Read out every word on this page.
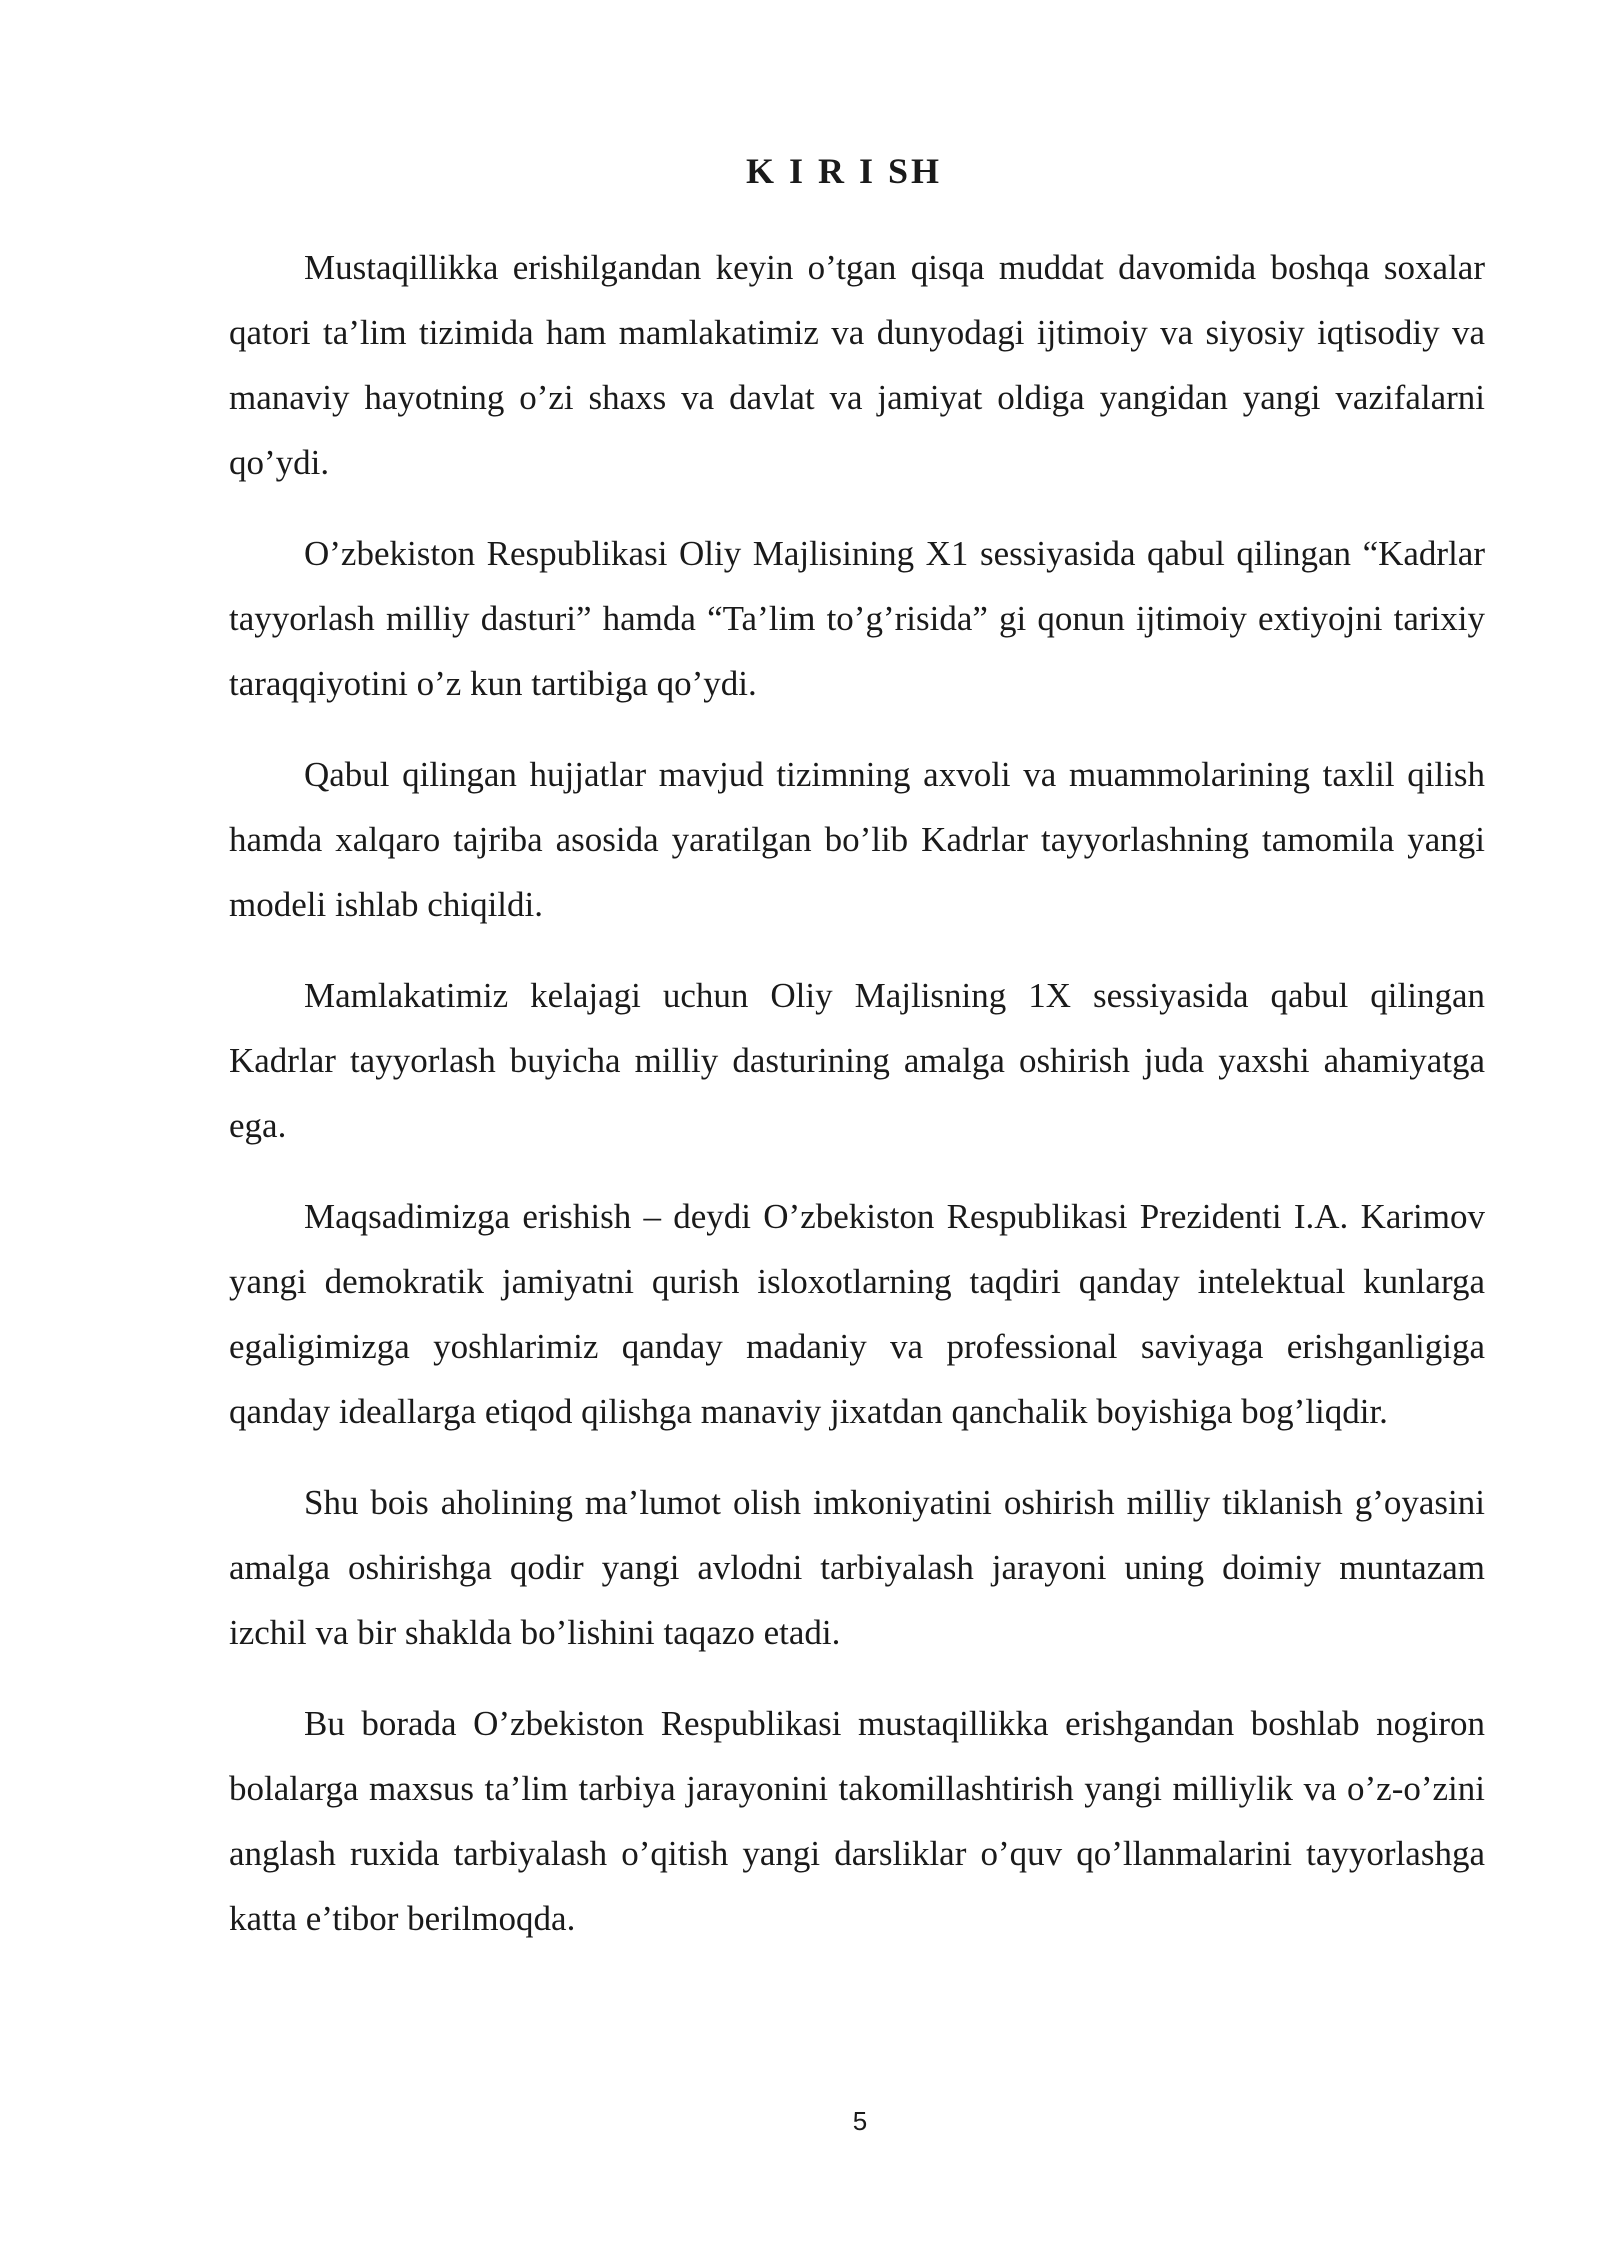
K I R I SH

Mustaqillikka erishilgandan keyin o’tgan qisqa muddat davomida boshqa soxalar qatori ta’lim tizimida ham mamlakatimiz va dunyodagi ijtimoiy va siyosiy iqtisodiy va manaviy hayotning o’zi shaxs va davlat va jamiyat oldiga yangidan yangi vazifalarni qo’ydi.

O’zbekiston Respublikasi Oliy Majlisining X1 sessiyasida qabul qilingan “Kadrlar tayyorlash milliy dasturi” hamda “Ta’lim to’g’risida” gi qonun ijtimoiy extiyojni tarixiy taraqqiyotini o’z kun tartibiga qo’ydi.

Qabul qilingan hujjatlar mavjud tizimning axvoli va muammolarining taxlil qilish hamda xalqaro tajriba asosida yaratilgan bo’lib Kadrlar tayyorlashning tamomila yangi modeli ishlab chiqildi.

Mamlakatimiz kelajagi uchun Oliy Majlisning 1X sessiyasida qabul qilingan Kadrlar tayyorlash buyicha milliy dasturining amalga oshirish juda yaxshi ahamiyatga ega.

Maqsadimizga erishish – deydi O’zbekiston Respublikasi Prezidenti I.A. Karimov yangi demokratik jamiyatni qurish isloxotlarning taqdiri qanday intelektual kunlarga egaligimizga yoshlarimiz qanday madaniy va professional saviyaga erishganligiga qanday ideallarga etiqod qilishga manaviy jixatdan qanchalik boyishiga bog’liqdir.

Shu bois aholining ma’lumot olish imkoniyatini oshirish milliy tiklanish g’oyasini amalga oshirishga qodir yangi avlodni tarbiyalash jarayoni uning doimiy muntazam izchil va bir shaklda bo’lishini taqazo etadi.

Bu borada O’zbekiston Respublikasi mustaqillikka erishgandan boshlab nogiron bolalarga maxsus ta’lim tarbiya jarayonini takomillashtirish yangi milliylik va o’z-o’zini anglash ruxida tarbiyalash o’qitish yangi darsliklar o’quv qo’llanmalarini tayyorlashga katta e’tibor berilmoqda.

5
